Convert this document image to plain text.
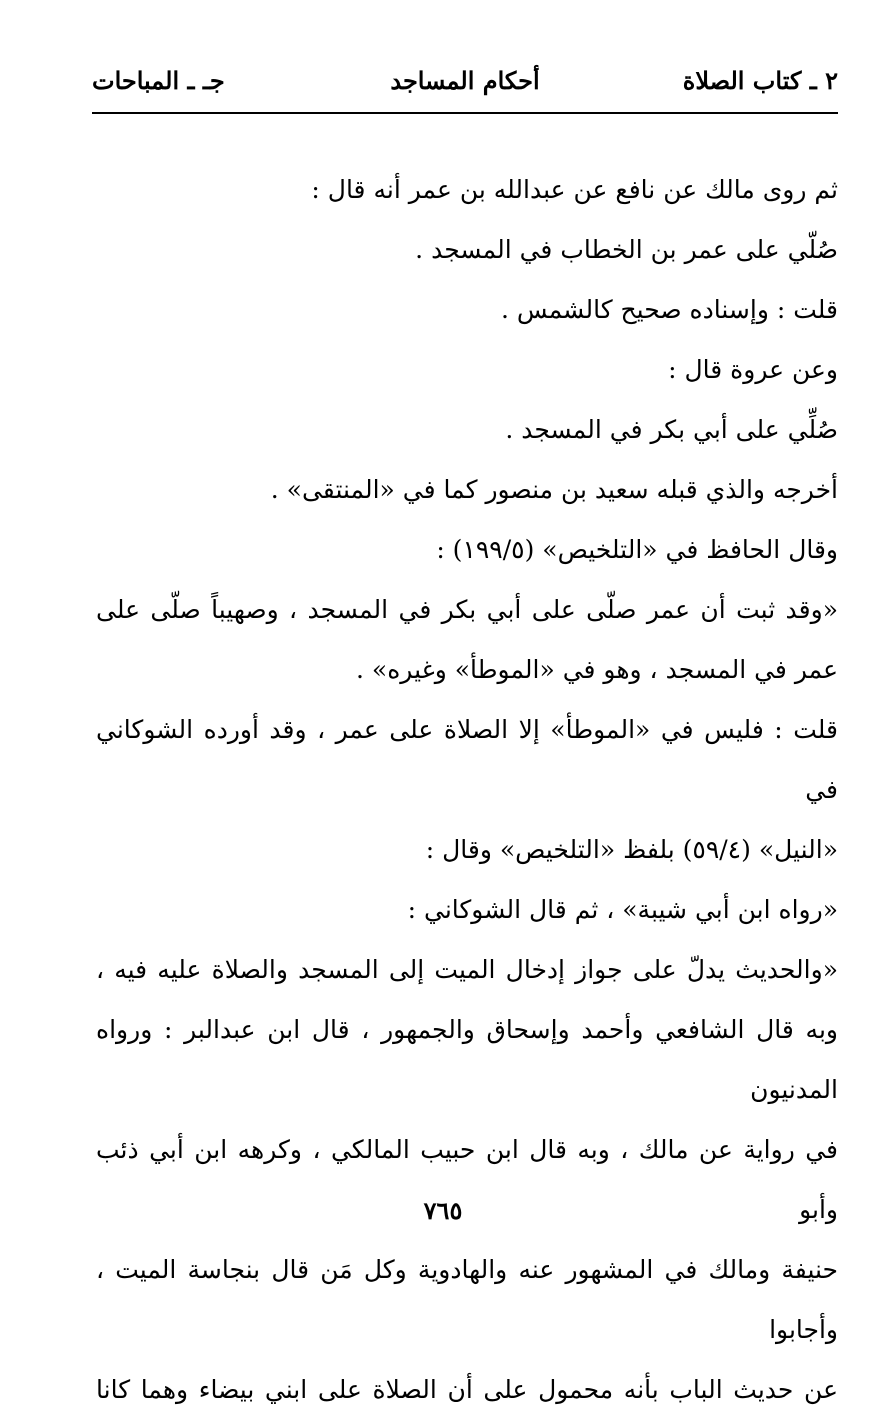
٢ ـ كتاب الصلاة
أحكام المساجد
جـ ـ المباحات

ثم روى مالك عن نافع عن عبدالله بن عمر أنه قال :

صُلّي على عمر بن الخطاب في المسجد .

قلت : وإسناده صحيح كالشمس .

وعن عروة قال :

صُلِّي على أبي بكر في المسجد .

أخرجه والذي قبله سعيد بن منصور كما في «المنتقى» .

وقال الحافظ في «التلخيص» (١٩٩/٥) :

«وقد ثبت أن عمر صلّى على أبي بكر في المسجد ، وصهيباً صلّى على
عمر في المسجد ، وهو في «الموطأ» وغيره» .

قلت : فليس في «الموطأ» إلا الصلاة على عمر ، وقد أورده الشوكاني في
«النيل» (٥٩/٤) بلفظ «التلخيص» وقال :

«رواه ابن أبي شيبة» ، ثم قال الشوكاني :

«والحديث يدلّ على جواز إدخال الميت إلى المسجد والصلاة عليه فيه ،
وبه قال الشافعي وأحمد وإسحاق والجمهور ، قال ابن عبدالبر : ورواه المدنيون
في رواية عن مالك ، وبه قال ابن حبيب المالكي ، وكرهه ابن أبي ذئب وأبو
حنيفة ومالك في المشهور عنه والهادوية وكل مَن قال بنجاسة الميت ، وأجابوا
عن حديث الباب بأنه محمول على أن الصلاة على ابني بيضاء وهما كانا

٧٦٥
